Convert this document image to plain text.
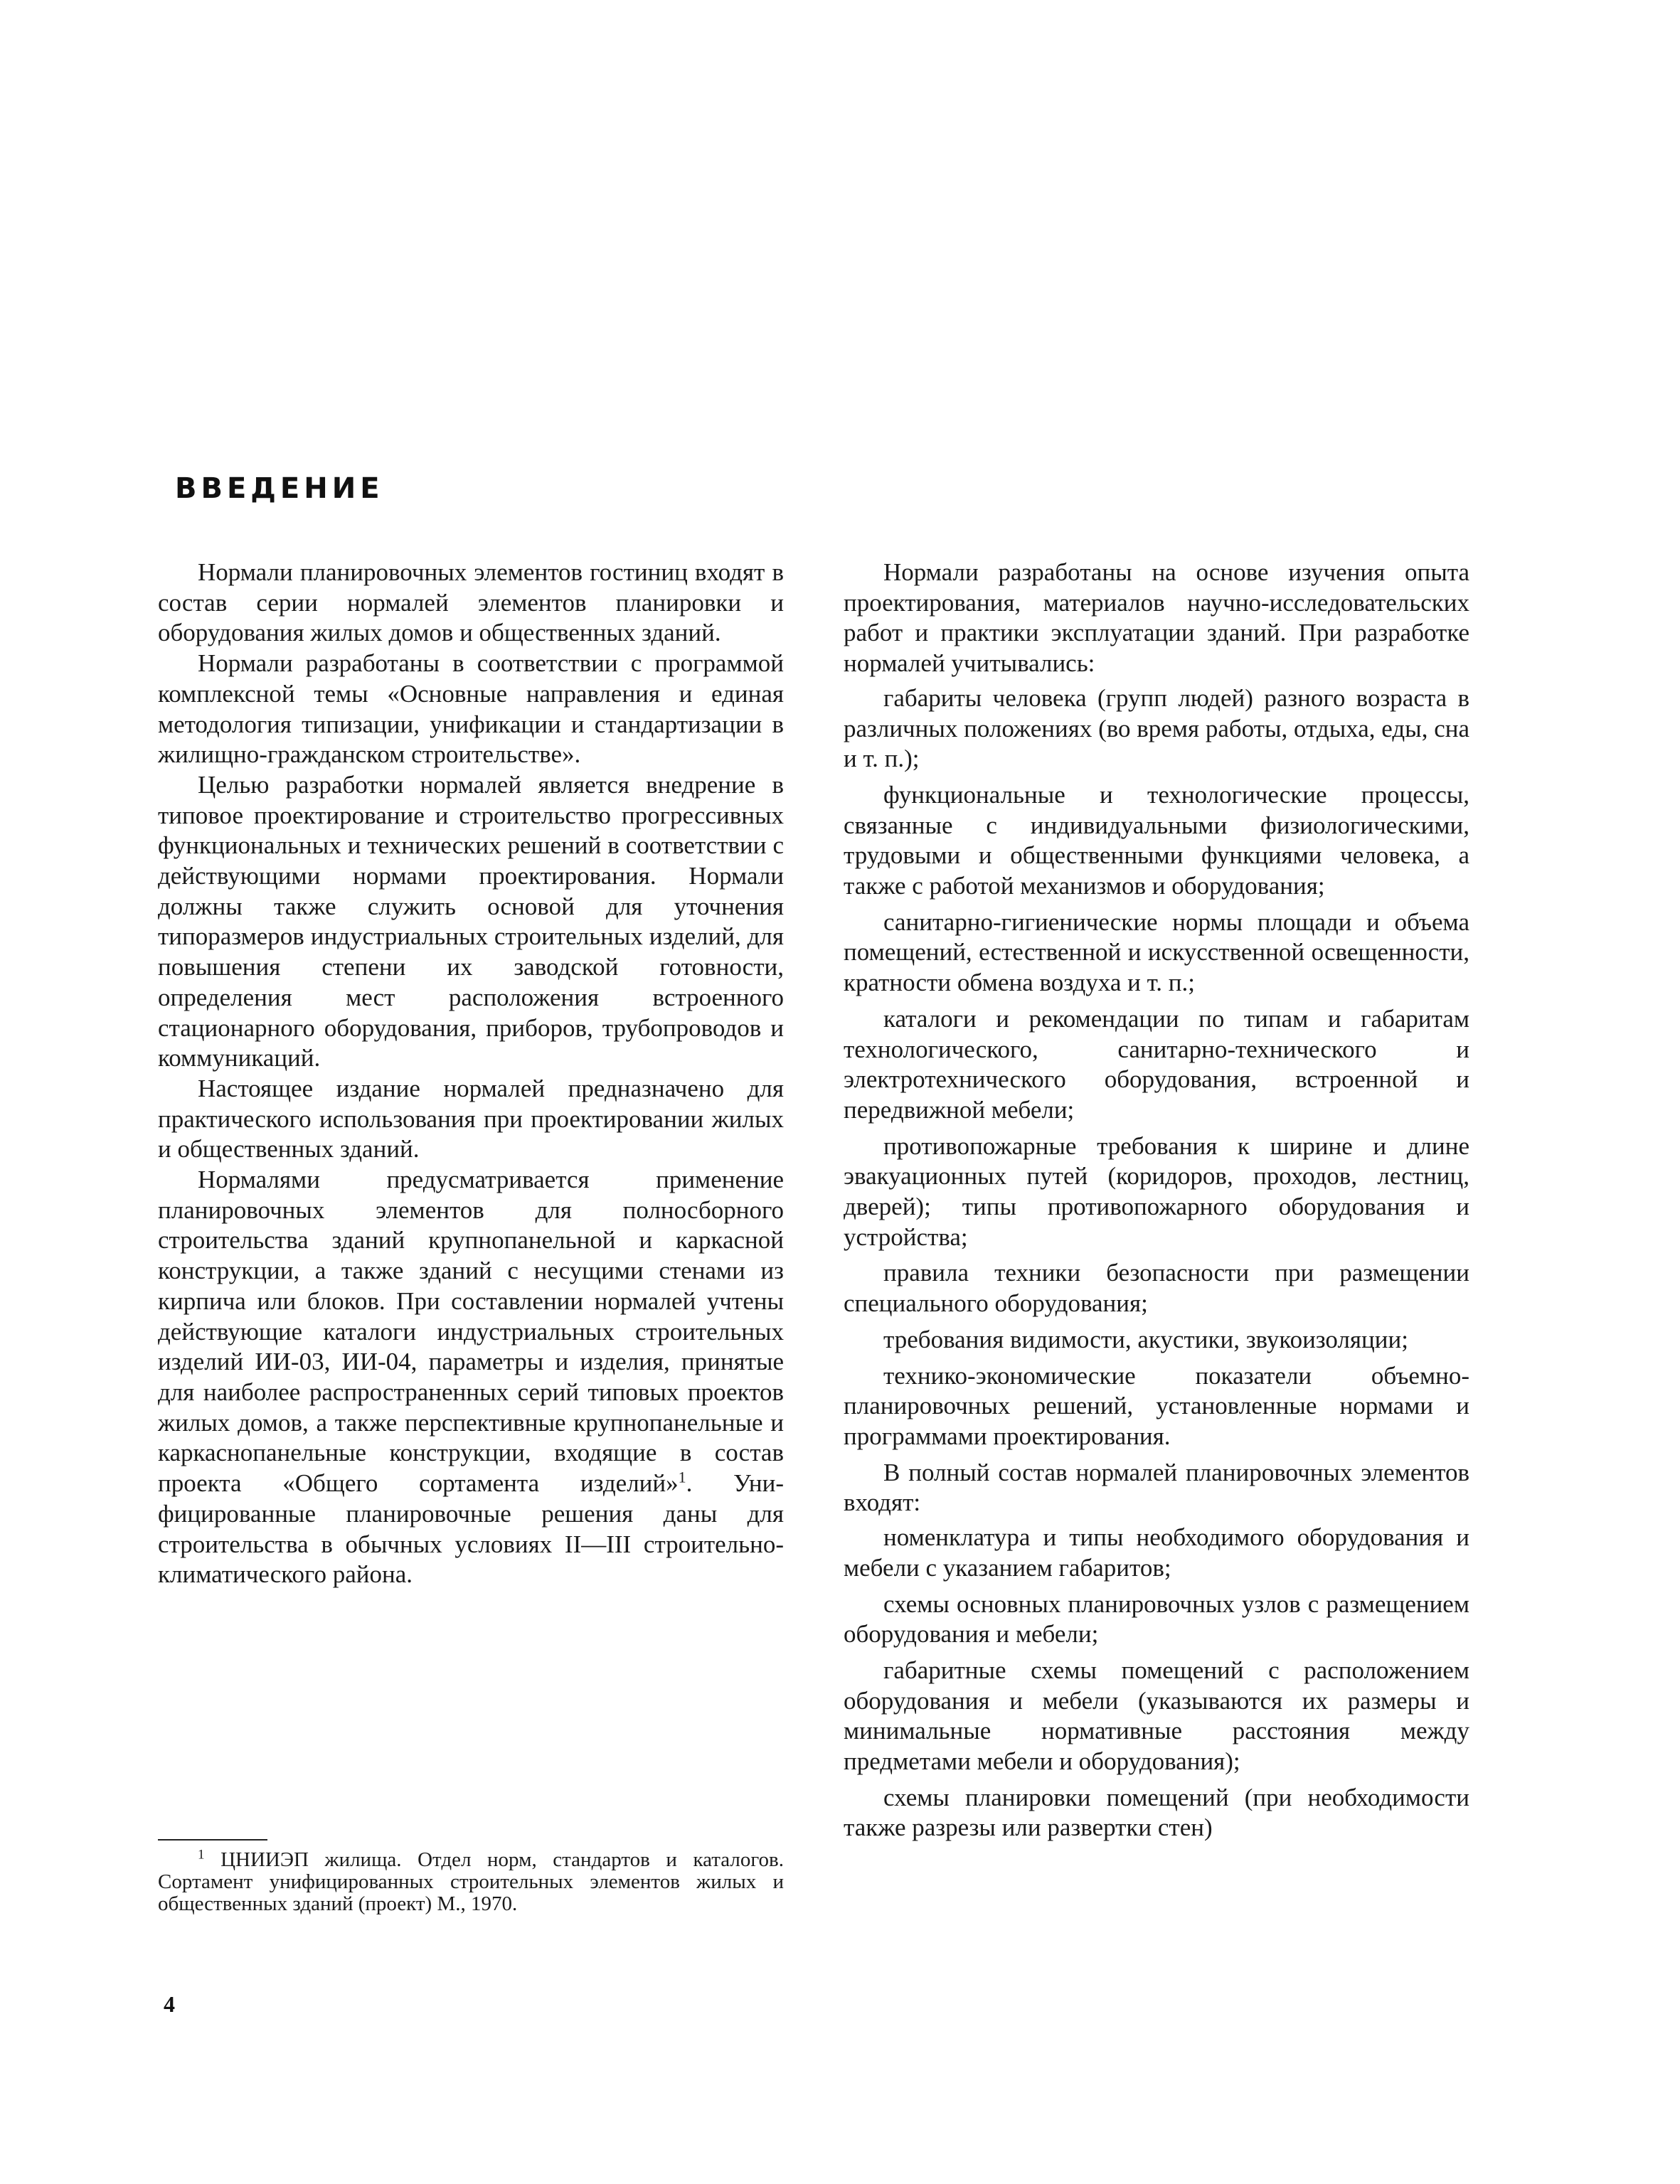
ВВЕДЕНИЕ

Нормали планировочных элементов гостиниц входят в состав серии нормалей элементов планировки и оборудования жилых домов и общественных зданий.

Нормали разработаны в соответствии с программой комплексной темы «Основные направления и единая методология типизации, унификации и стандартизации в жилищно-гражданском строительстве».

Целью разработки нормалей является внедрение в типовое проектирование и строительство прогрессивных функциональных и технических решений в соответствии с действующими нормами проектирования. Нормали должны также служить основой для уточнения типоразмеров индустриальных строительных изделий, для повышения степени их заводской готовности, определения мест расположения встроенного стационарного оборудования, приборов, трубопроводов и коммуникаций.

Настоящее издание нормалей предназначено для практического использования при проектировании жилых и общественных зданий.

Нормалями предусматривается применение планировочных элементов для полносборного строительства зданий крупнопанельной и каркасной конструкции, а также зданий с несущими стенами из кирпича или блоков. При составлении нормалей учтены действующие каталоги индустриальных строительных изделий ИИ-03, ИИ-04, параметры и изделия, принятые для наиболее распространенных серий типовых проектов жилых домов, а также перспективные крупнопанельные и каркаснопанельные конструкции, входящие в состав проекта «Общего сортамента изделий»$^1$. Уни- фицированные планировочные решения даны для строительства в обычных условиях II—III строительно-климатического района.

Нормали разработаны на основе изучения опыта проектирования, материалов научно-исследовательских работ и практики эксплуатации зданий. При разработке нормалей учитывались:

габариты человека (групп людей) разного возраста в различных положениях (во время работы, отдыха, еды, сна и т. п.);

функциональные и технологические процессы, связанные с индивидуальными физиологическими, трудовыми и общественными функциями человека, а также с работой механизмов и оборудования;

санитарно-гигиенические нормы площади и объема помещений, естественной и искусственной освещенности, кратности обмена воздуха и т. п.;

каталоги и рекомендации по типам и габаритам технологического, санитарно-технического и электротехнического оборудования, встроенной и передвижной мебели;

противопожарные требования к ширине и длине эвакуационных путей (коридоров, проходов, лестниц, дверей); типы противопожарного оборудования и устройства;

правила техники безопасности при размещении специального оборудования;

требования видимости, акустики, звукоизоляции;

технико-экономические показатели объемно-планировочных решений, установленные нормами и программами проектирования.

В полный состав нормалей планировочных элементов входят:

номенклатура и типы необходимого оборудования и мебели с указанием габаритов;

схемы основных планировочных узлов с размещением оборудования и мебели;

габаритные схемы помещений с расположением оборудования и мебели (указываются их размеры и минимальные нормативные расстояния между предметами мебели и оборудования);

схемы планировки помещений (при необходимости также разрезы или развертки стен)

$^1$ ЦНИИЭП жилища. Отдел норм, стандартов и каталогов. Сортамент унифицированных строительных элементов жилых и общественных зданий (проект) М., 1970.

4
